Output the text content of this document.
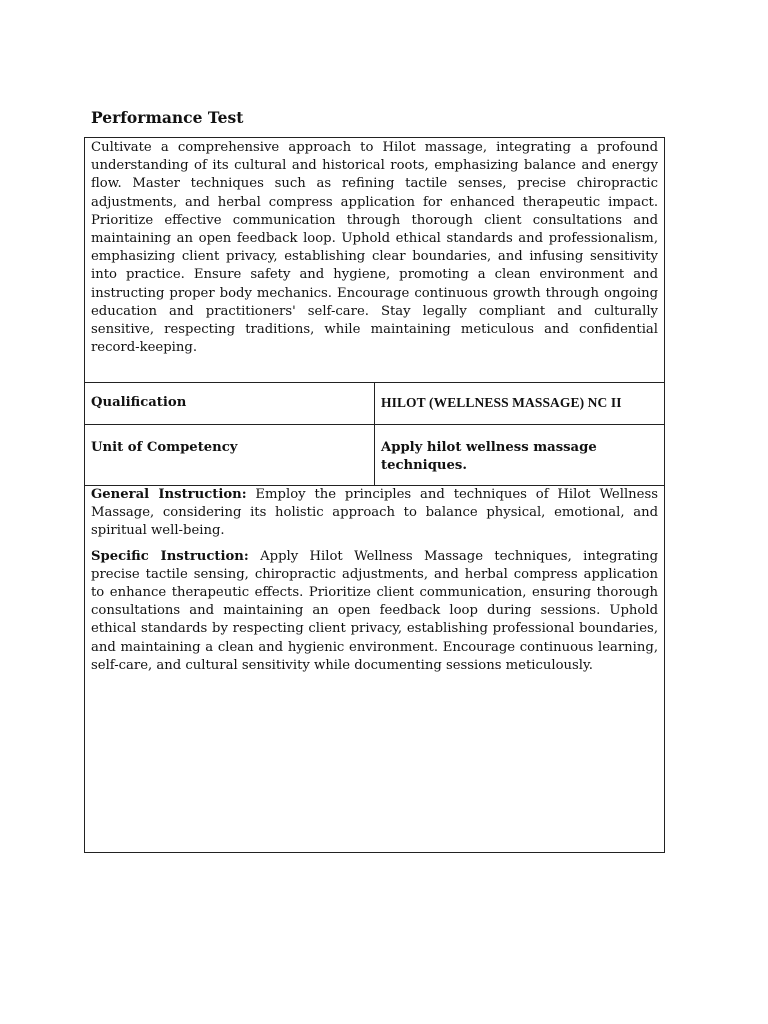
Performance Test
Cultivate a comprehensive approach to Hilot massage, integrating a profound understanding of its cultural and historical roots, emphasizing balance and energy flow. Master techniques such as refining tactile senses, precise chiropractic adjustments, and herbal compress application for enhanced therapeutic impact. Prioritize effective communication through thorough client consultations and maintaining an open feedback loop. Uphold ethical standards and professionalism, emphasizing client privacy, establishing clear boundaries, and infusing sensitivity into practice. Ensure safety and hygiene, promoting a clean environment and instructing proper body mechanics. Encourage continuous growth through ongoing education and practitioners' self-care. Stay legally compliant and culturally sensitive, respecting traditions, while maintaining meticulous and confidential record-keeping.	
Qualification	HILOT (WELLNESS MASSAGE) NC II
Unit of Competency	Apply hilot wellness massage techniques.

General Instruction: Employ the principles and techniques of Hilot Wellness Massage, considering its holistic approach to balance physical, emotional, and spiritual well-being.

Specific Instruction: Apply Hilot Wellness Massage techniques, integrating precise tactile sensing, chiropractic adjustments, and herbal compress application to enhance therapeutic effects. Prioritize client communication, ensuring thorough consultations and maintaining an open feedback loop during sessions. Uphold ethical standards by respecting client privacy, establishing professional boundaries, and maintaining a clean and hygienic environment. Encourage continuous learning, self-care, and cultural sensitivity while documenting sessions meticulously.	
